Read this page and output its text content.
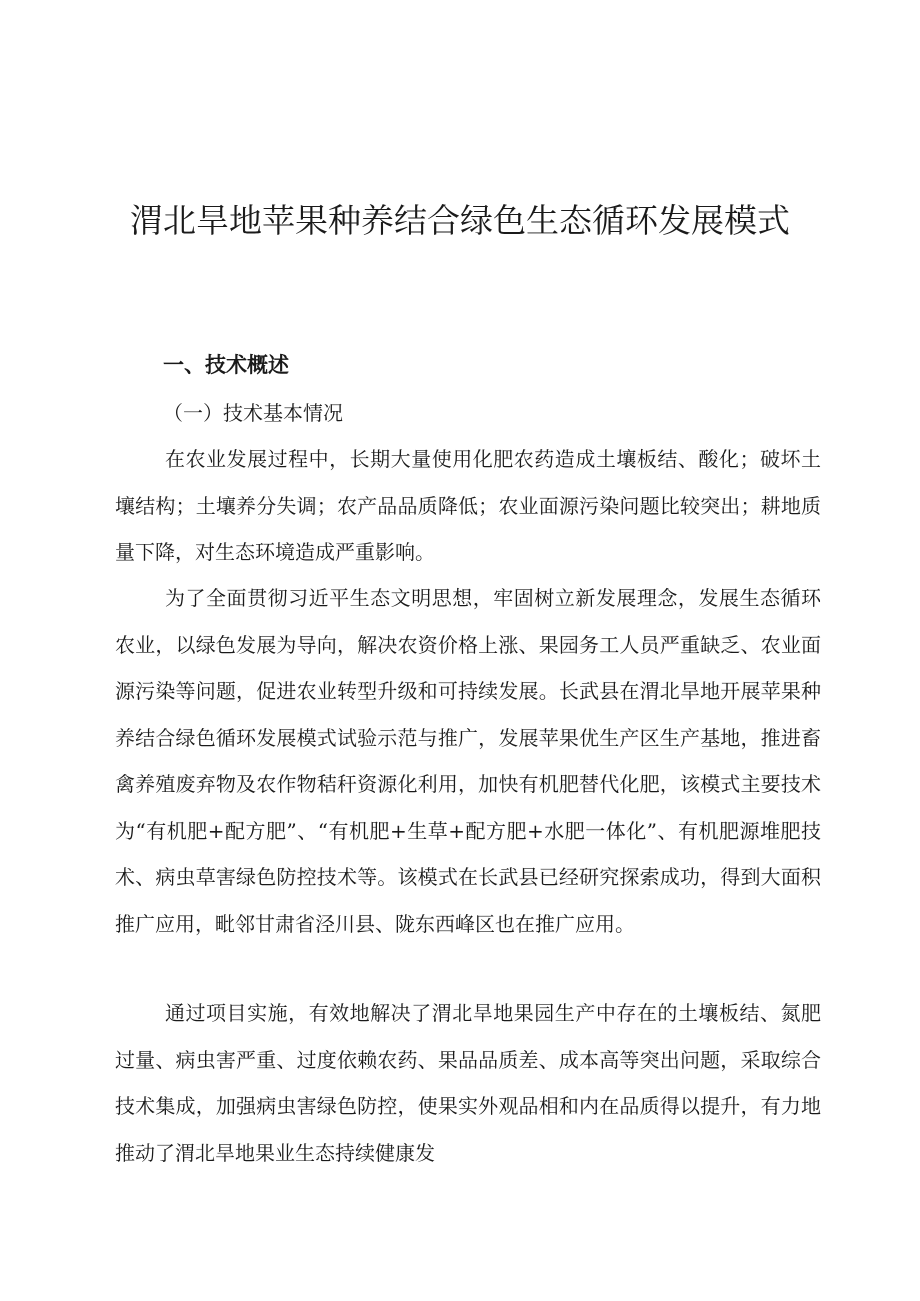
渭北旱地苹果种养结合绿色生态循环发展模式
一、技术概述
（一）技术基本情况

在农业发展过程中，长期大量使用化肥农药造成土壤板结、酸化；破坏土壤结构；土壤养分失调；农产品品质降低；农业面源污染问题比较突出；耕地质量下降，对生态环境造成严重影响。

为了全面贯彻习近平生态文明思想，牢固树立新发展理念，发展生态循环农业，以绿色发展为导向，解决农资价格上涨、果园务工人员严重缺乏、农业面源污染等问题，促进农业转型升级和可持续发展。长武县在渭北旱地开展苹果种养结合绿色循环发展模式试验示范与推广，发展苹果优生产区生产基地，推进畜禽养殖废弃物及农作物秸秆资源化利用，加快有机肥替代化肥，该模式主要技术为“有机肥+配方肥”、“有机肥+生草+配方肥+水肥一体化”、有机肥源堆肥技术、病虫草害绿色防控技术等。该模式在长武县已经研究探索成功，得到大面积推广应用，毗邻甘肃省泾川县、陇东西峰区也在推广应用。

通过项目实施，有效地解决了渭北旱地果园生产中存在的土壤板结、氮肥过量、病虫害严重、过度依赖农药、果品品质差、成本高等突出问题，采取综合技术集成，加强病虫害绿色防控，使果实外观品相和内在品质得以提升，有力地推动了渭北旱地果业生态持续健康发
